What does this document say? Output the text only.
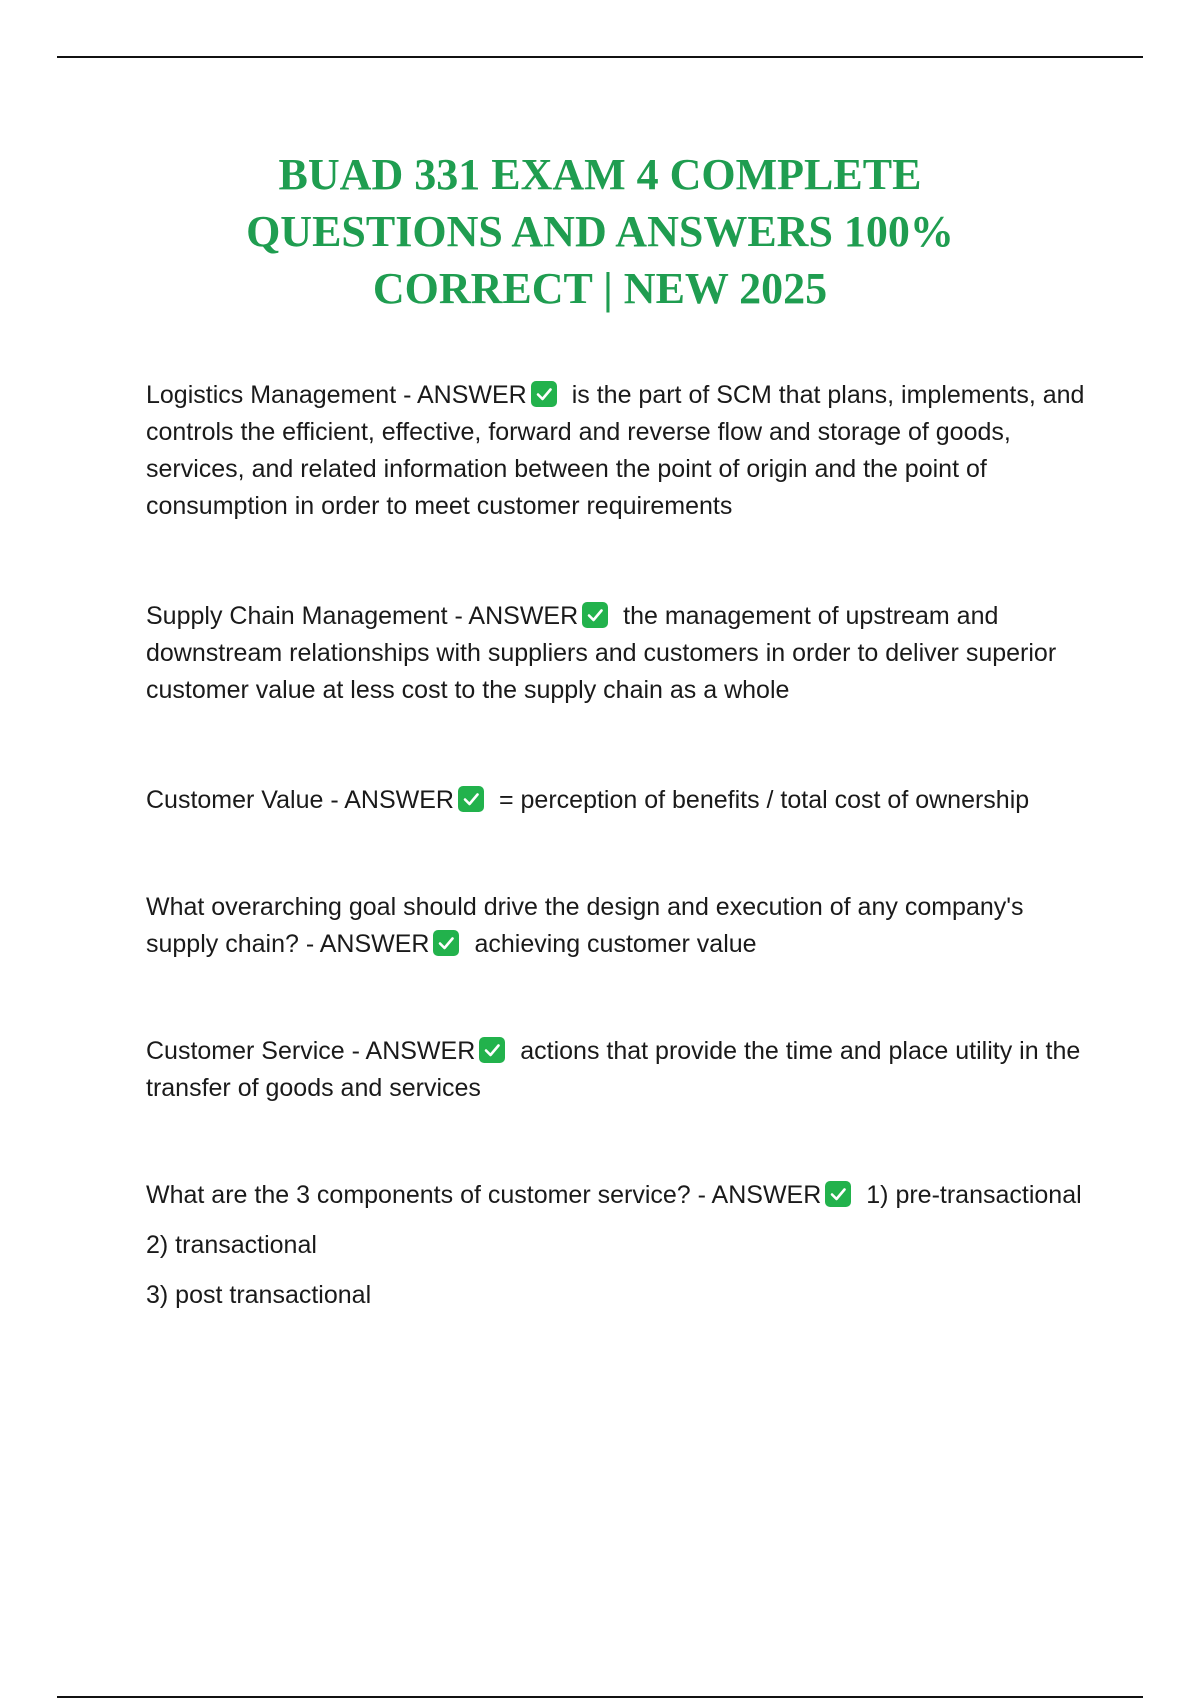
BUAD 331 EXAM 4 COMPLETE
QUESTIONS AND ANSWERS 100%
CORRECT | NEW 2025

Logistics Management - ANSWER is the part of SCM that plans, implements, and controls the efficient, effective, forward and reverse flow and storage of goods, services, and related information between the point of origin and the point of consumption in order to meet customer requirements

Supply Chain Management - ANSWER the management of upstream and downstream relationships with suppliers and customers in order to deliver superior customer value at less cost to the supply chain as a whole

Customer Value - ANSWER = perception of benefits / total cost of ownership

What overarching goal should drive the design and execution of any company's supply chain? - ANSWER achieving customer value

Customer Service - ANSWER actions that provide the time and place utility in the transfer of goods and services

What are the 3 components of customer service? - ANSWER 1) pre-transactional

2) transactional

3) post transactional
